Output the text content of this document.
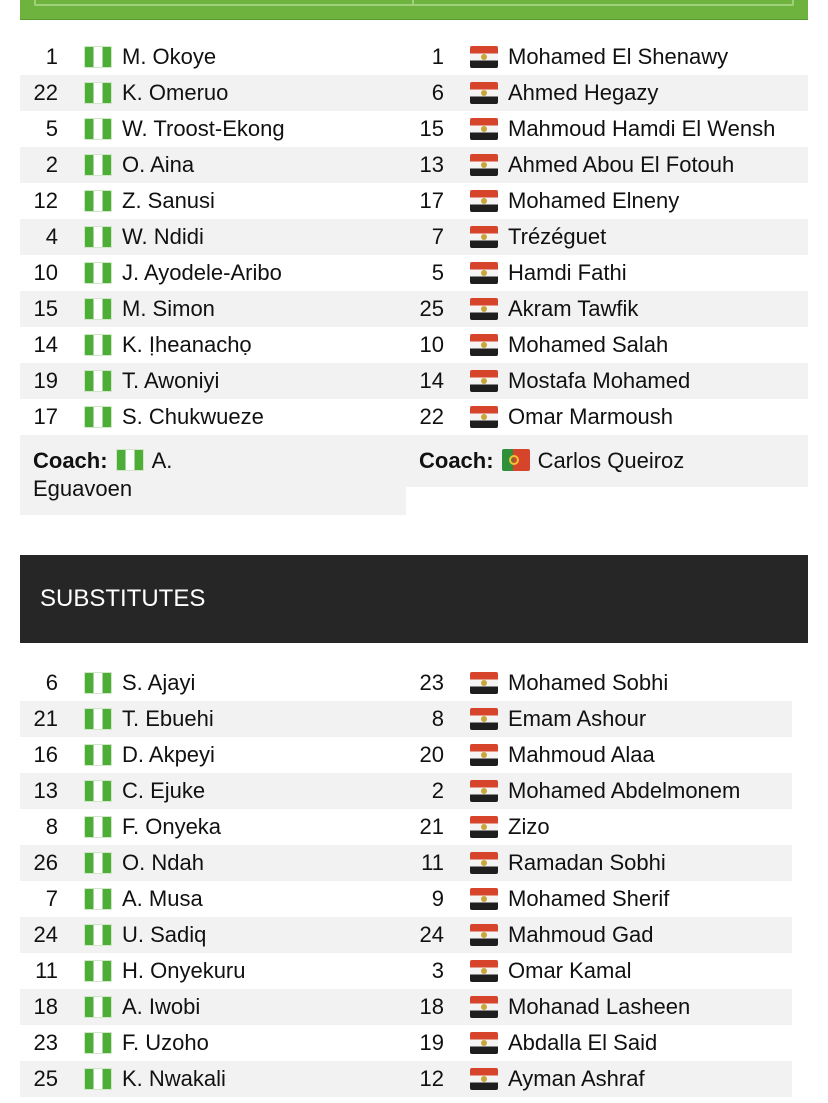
1	M. Okoye
22	K. Omeruo
5	W. Troost-Ekong
2	O. Aina
12	Z. Sanusi
4	W. Ndidi
10	J. Ayodele-Aribo
15	M. Simon
14	K. Ịheanachọ
19	T. Awoniyi
17	S. Chukwueze
1	Mohamed El Shenawy
6	Ahmed Hegazy
15	Mahmoud Hamdi El Wensh
13	Ahmed Abou El Fotouh
17	Mohamed Elneny
7	Trézéguet
5	Hamdi Fathi
25	Akram Tawfik
10	Mohamed Salah
14	Mostafa Mohamed
22	Omar Marmoush
Coach: A.
Eguavoen
Coach: Carlos Queiroz
SUBSTITUTES
6	S. Ajayi
21	T. Ebuehi
16	D. Akpeyi
13	C. Ejuke
8	F. Onyeka
26	O. Ndah
7	A. Musa
24	U. Sadiq
11	H. Onyekuru
18	A. Iwobi
23	F. Uzoho
25	K. Nwakali
23	Mohamed Sobhi
8	Emam Ashour
20	Mahmoud Alaa
2	Mohamed Abdelmonem
21	Zizo
11	Ramadan Sobhi
9	Mohamed Sherif
24	Mahmoud Gad
3	Omar Kamal
18	Mohanad Lasheen
19	Abdalla El Said
12	Ayman Ashraf
